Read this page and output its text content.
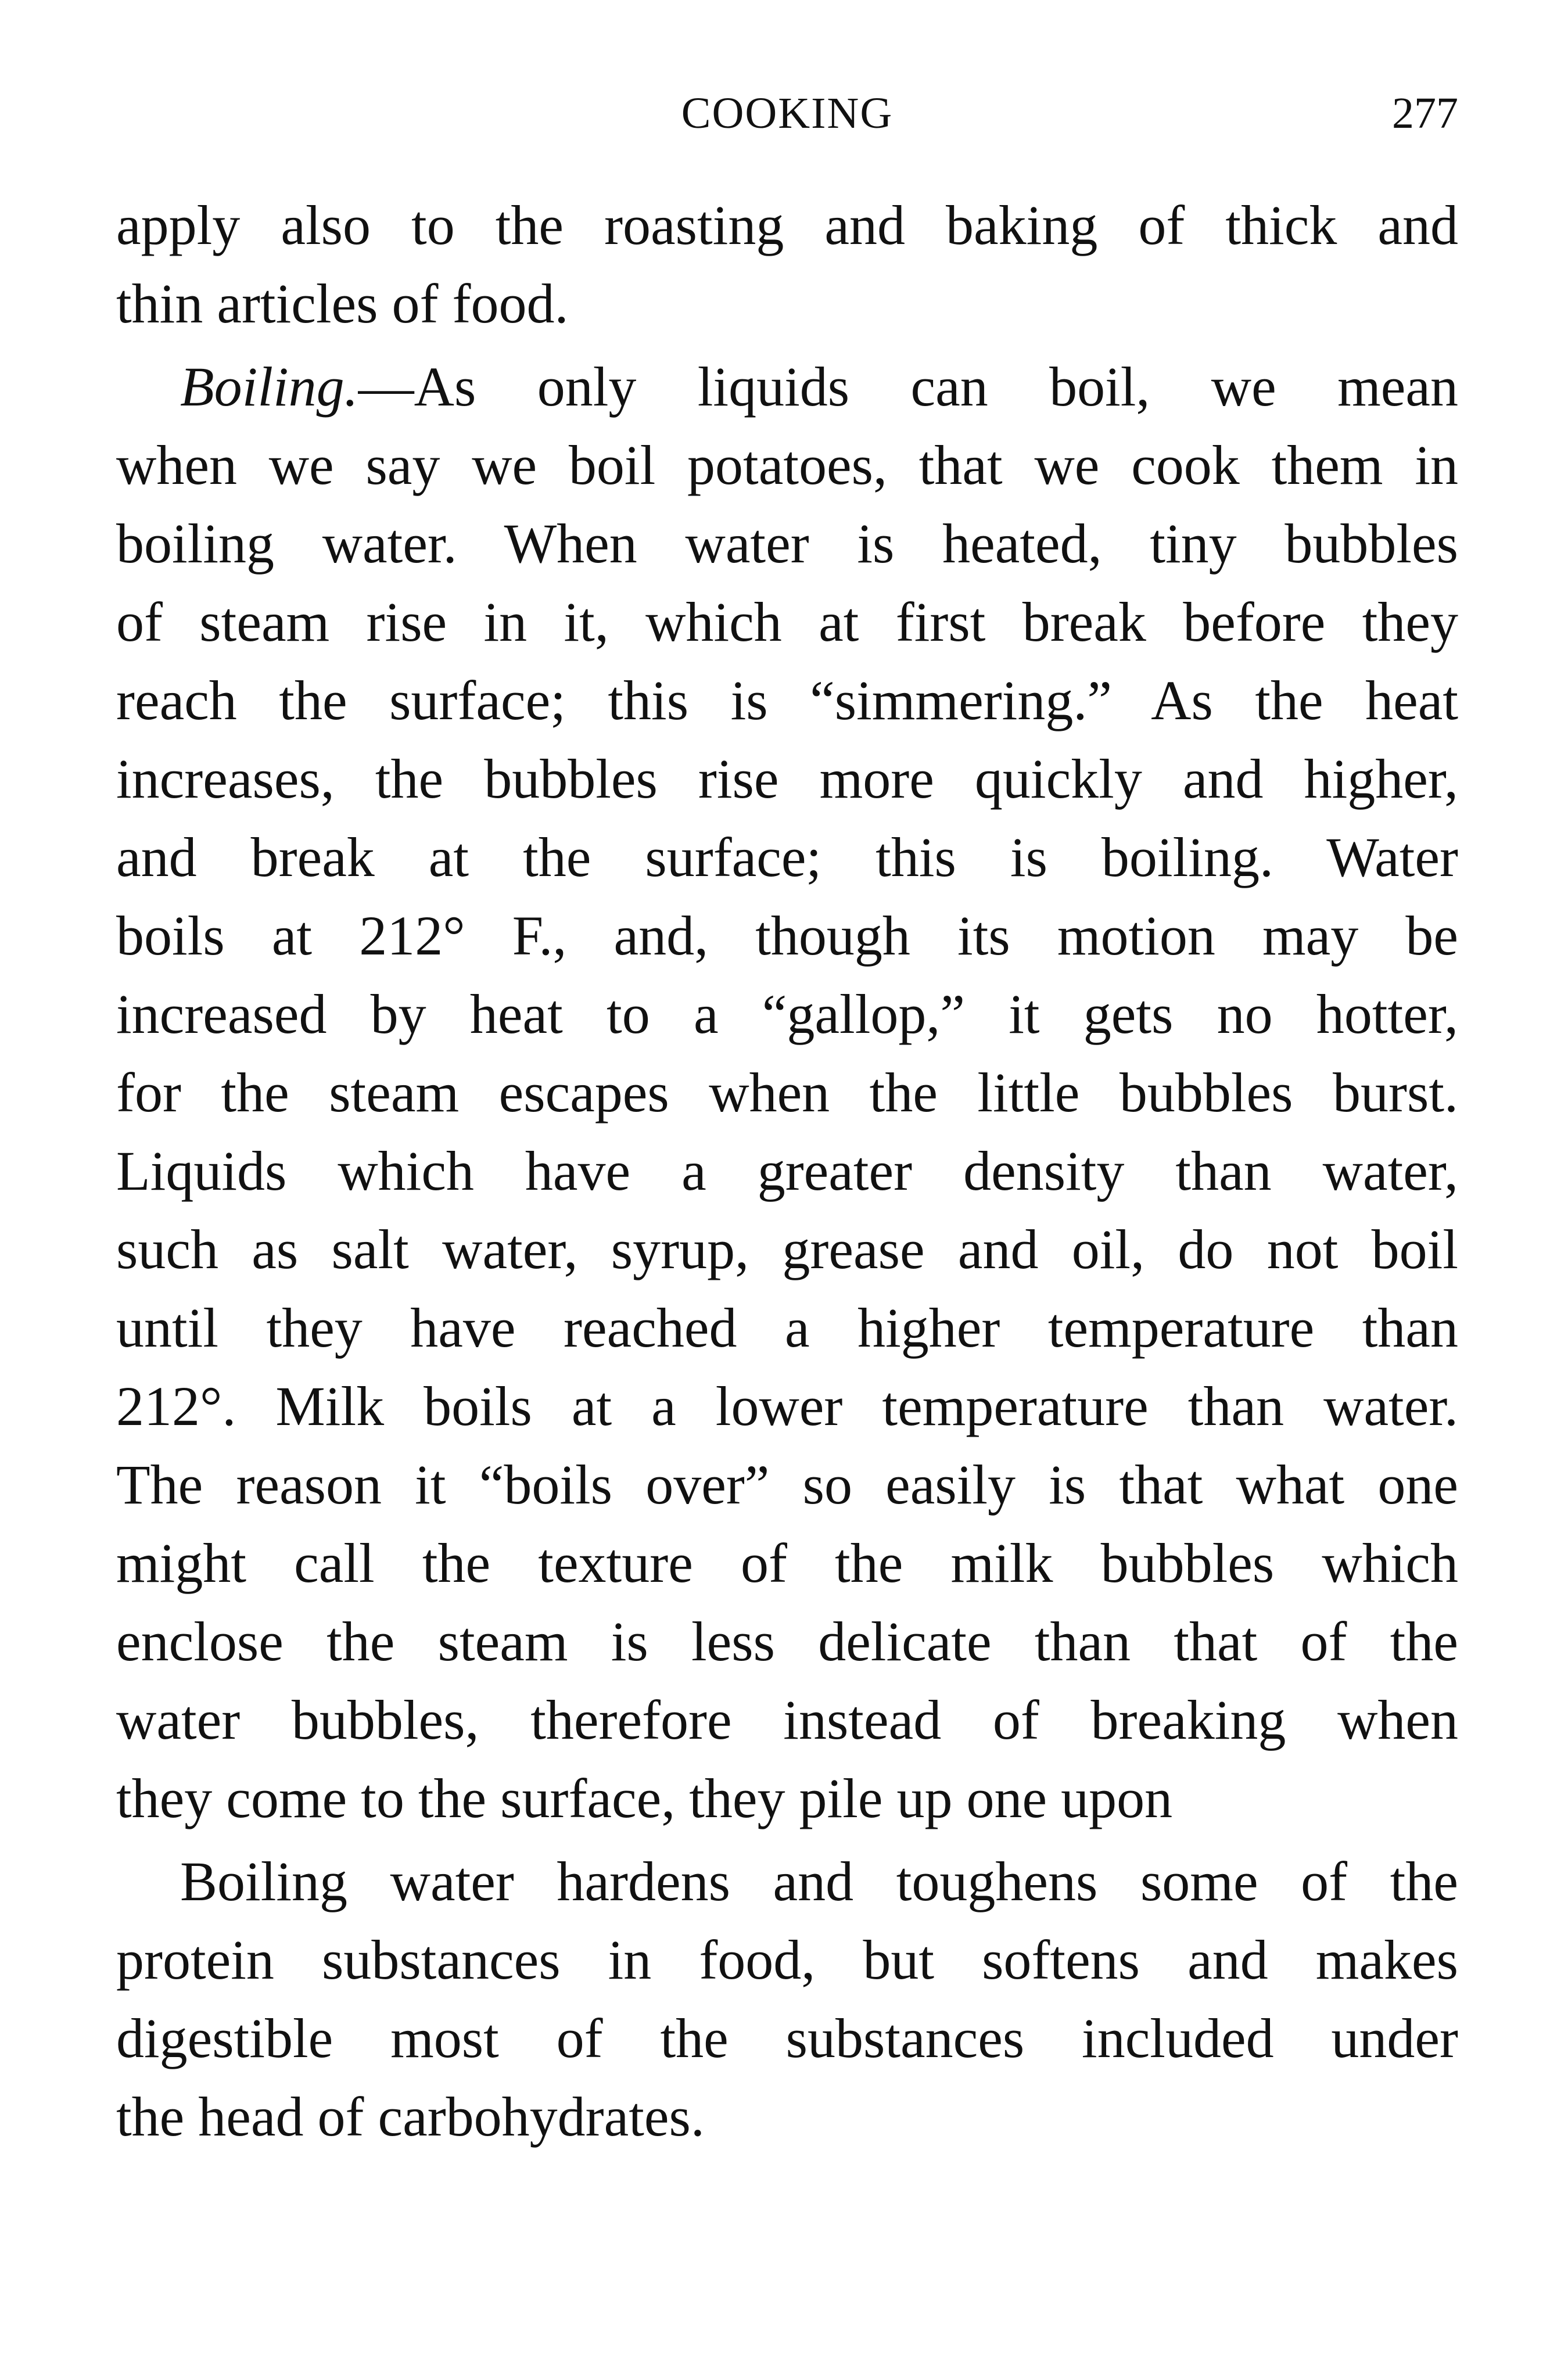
COOKING	277
apply also to the roasting and baking of thick and
thin articles of food.
Boiling.—As only liquids can boil, we mean
when we say we boil potatoes, that we cook them in
boiling water. When water is heated, tiny bubbles
of steam rise in it, which at first break before they
reach the surface; this is “simmering.” As the heat
increases, the bubbles rise more quickly and higher,
and break at the surface; this is boiling. Water
boils at 212° F., and, though its motion may be
increased by heat to a “gallop,” it gets no hotter,
for the steam escapes when the little bubbles burst.
Liquids which have a greater density than water,
such as salt water, syrup, grease and oil, do not boil
until they have reached a higher temperature than
212°. Milk boils at a lower temperature than water.
The reason it “boils over” so easily is that what one
might call the texture of the milk bubbles which
enclose the steam is less delicate than that of the
water bubbles, therefore instead of breaking when
they come to the surface, they pile up one upon
Boiling water hardens and toughens some of the
protein substances in food, but softens and makes
digestible most of the substances included under
the head of carbohydrates.
